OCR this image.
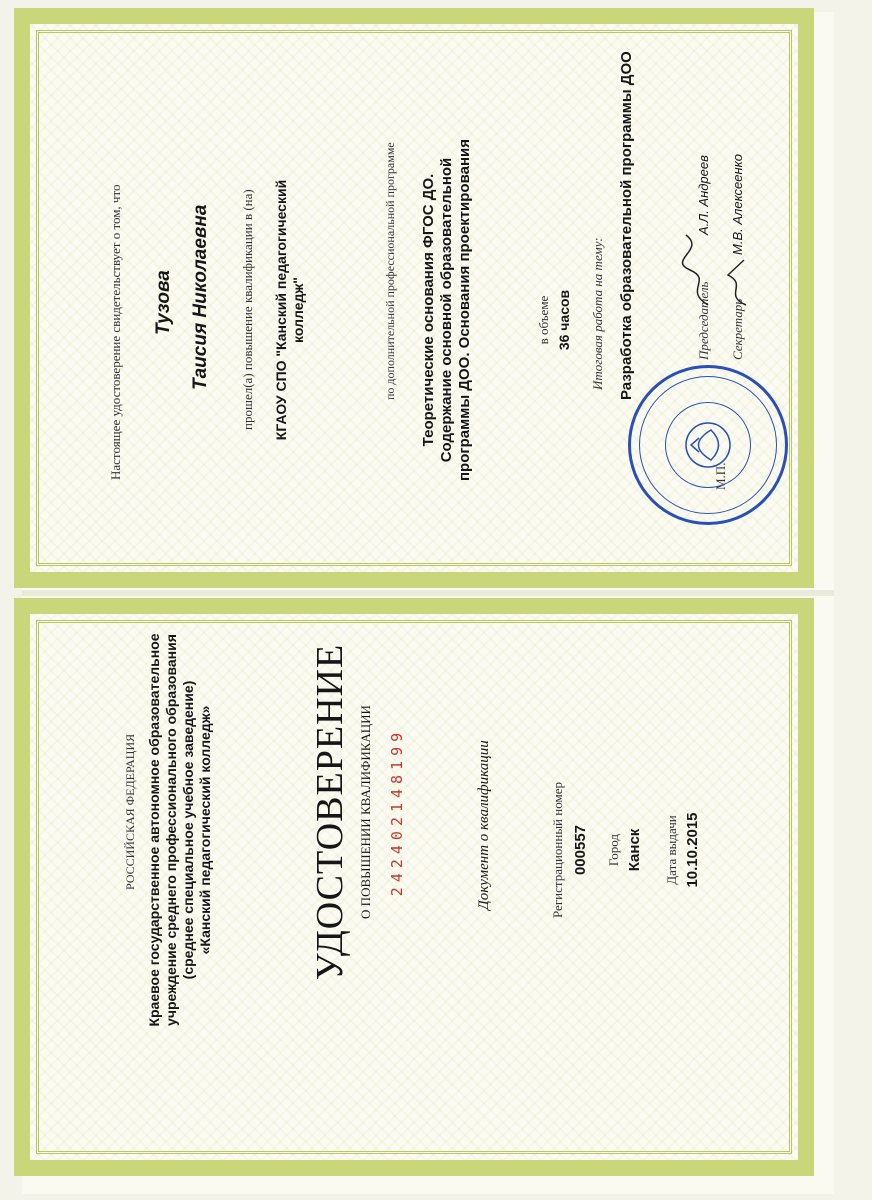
РОССИЙСКАЯ ФЕДЕРАЦИЯ Краевое государственное автономное образовательное учреждение среднего профессионального образования (среднее специальное учебное заведение) «Канский педагогический колледж»	УДОСТОВЕРЕНИЕ О ПОВЫШЕНИИ КВАЛИФИКАЦИИ 242402148199	Документ о квалификации	Регистрационный номер 000557 Город Канск Дата выдачи 10.10.2015
Настоящее удостоверение свидетельствует о том, что Тузова Таисия Николаевна прошел(а) повышение квалификации в (на) КГАОУ СПО "Канский педагогический колледж"	по дополнительной профессиональной программе Теоретические основания ФГОС ДО. Содержание основной образовательной программы ДОО. Основания проектирования	в объеме 36 часов Итоговая работа на тему: Разработка образовательной программы ДОО	Председатель
А.Л. Андреев
Секретарь
М.В. Алексеенко
М.П.
